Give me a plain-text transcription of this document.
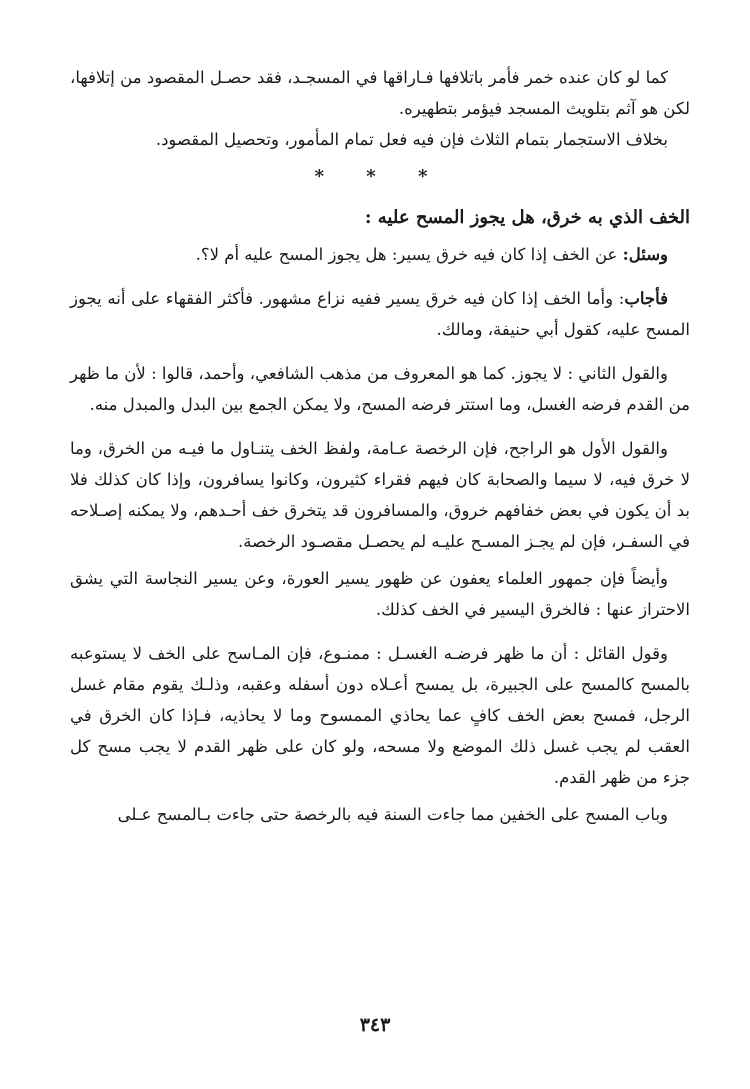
كما لو كان عنده خمر فأمر باتلافها فـاراقها في المسجـد، فقد حصـل المقصود من إتلافها، لكن هو آثم بتلويث المسجد فيؤمر بتطهيره.

بخلاف الاستجمار بتمام الثلاث فإن فيه فعل تمام المأمور، وتحصيل المقصود.

* * *

الخف الذي به خرق، هل يجوز المسح عليه :

وسئل: عن الخف إذا كان فيه خرق يسير: هل يجوز المسح عليه أم لا؟.

فأجاب: وأما الخف إذا كان فيه خرق يسير ففيه نزاع مشهور. فأكثر الفقهاء على أنه يجوز المسح عليه، كقول أبي حنيفة، ومالك.

والقول الثاني : لا يجوز. كما هو المعروف من مذهب الشافعي، وأحمد، قالوا : لأن ما ظهر من القدم فرضه الغسل، وما استتر فرضه المسح، ولا يمكن الجمع بين البدل والمبدل منه.

والقول الأول هو الراجح، فإن الرخصة عـامة، ولفظ الخف يتنـاول ما فيـه من الخرق، وما لا خرق فيه، لا سيما والصحابة كان فيهم فقراء كثيرون، وكانوا يسافرون، وإذا كان كذلك فلا بد أن يكون في بعض خفافهم خروق، والمسافرون قد يتخرق خف أحـدهم، ولا يمكنه إصـلاحه في السفـر، فإن لم يجـز المسـح عليـه لم يحصـل مقصـود الرخصة.

وأيضاً فإن جمهور العلماء يعفون عن ظهور يسير العورة، وعن يسير النجاسة التي يشق الاحتراز عنها : فالخرق اليسير في الخف كذلك.

وقول القائل : أن ما ظهر فرضـه الغسـل : ممنـوع، فإن المـاسح على الخف لا يستوعبه بالمسح كالمسح على الجبيرة، بل يمسح أعـلاه دون أسفله وعقبه، وذلـك يقوم مقام غسل الرجل، فمسح بعض الخف كافٍ عما يحاذي الممسوح وما لا يحاذيه، فـإذا كان الخرق في العقب لم يجب غسل ذلك الموضع ولا مسحه، ولو كان على ظهر القدم لا يجب مسح كل جزء من ظهر القدم.

وباب المسح على الخفين مما جاءت السنة فيه بالرخصة حتى جاءت بـالمسح عـلى

٣٤٣
